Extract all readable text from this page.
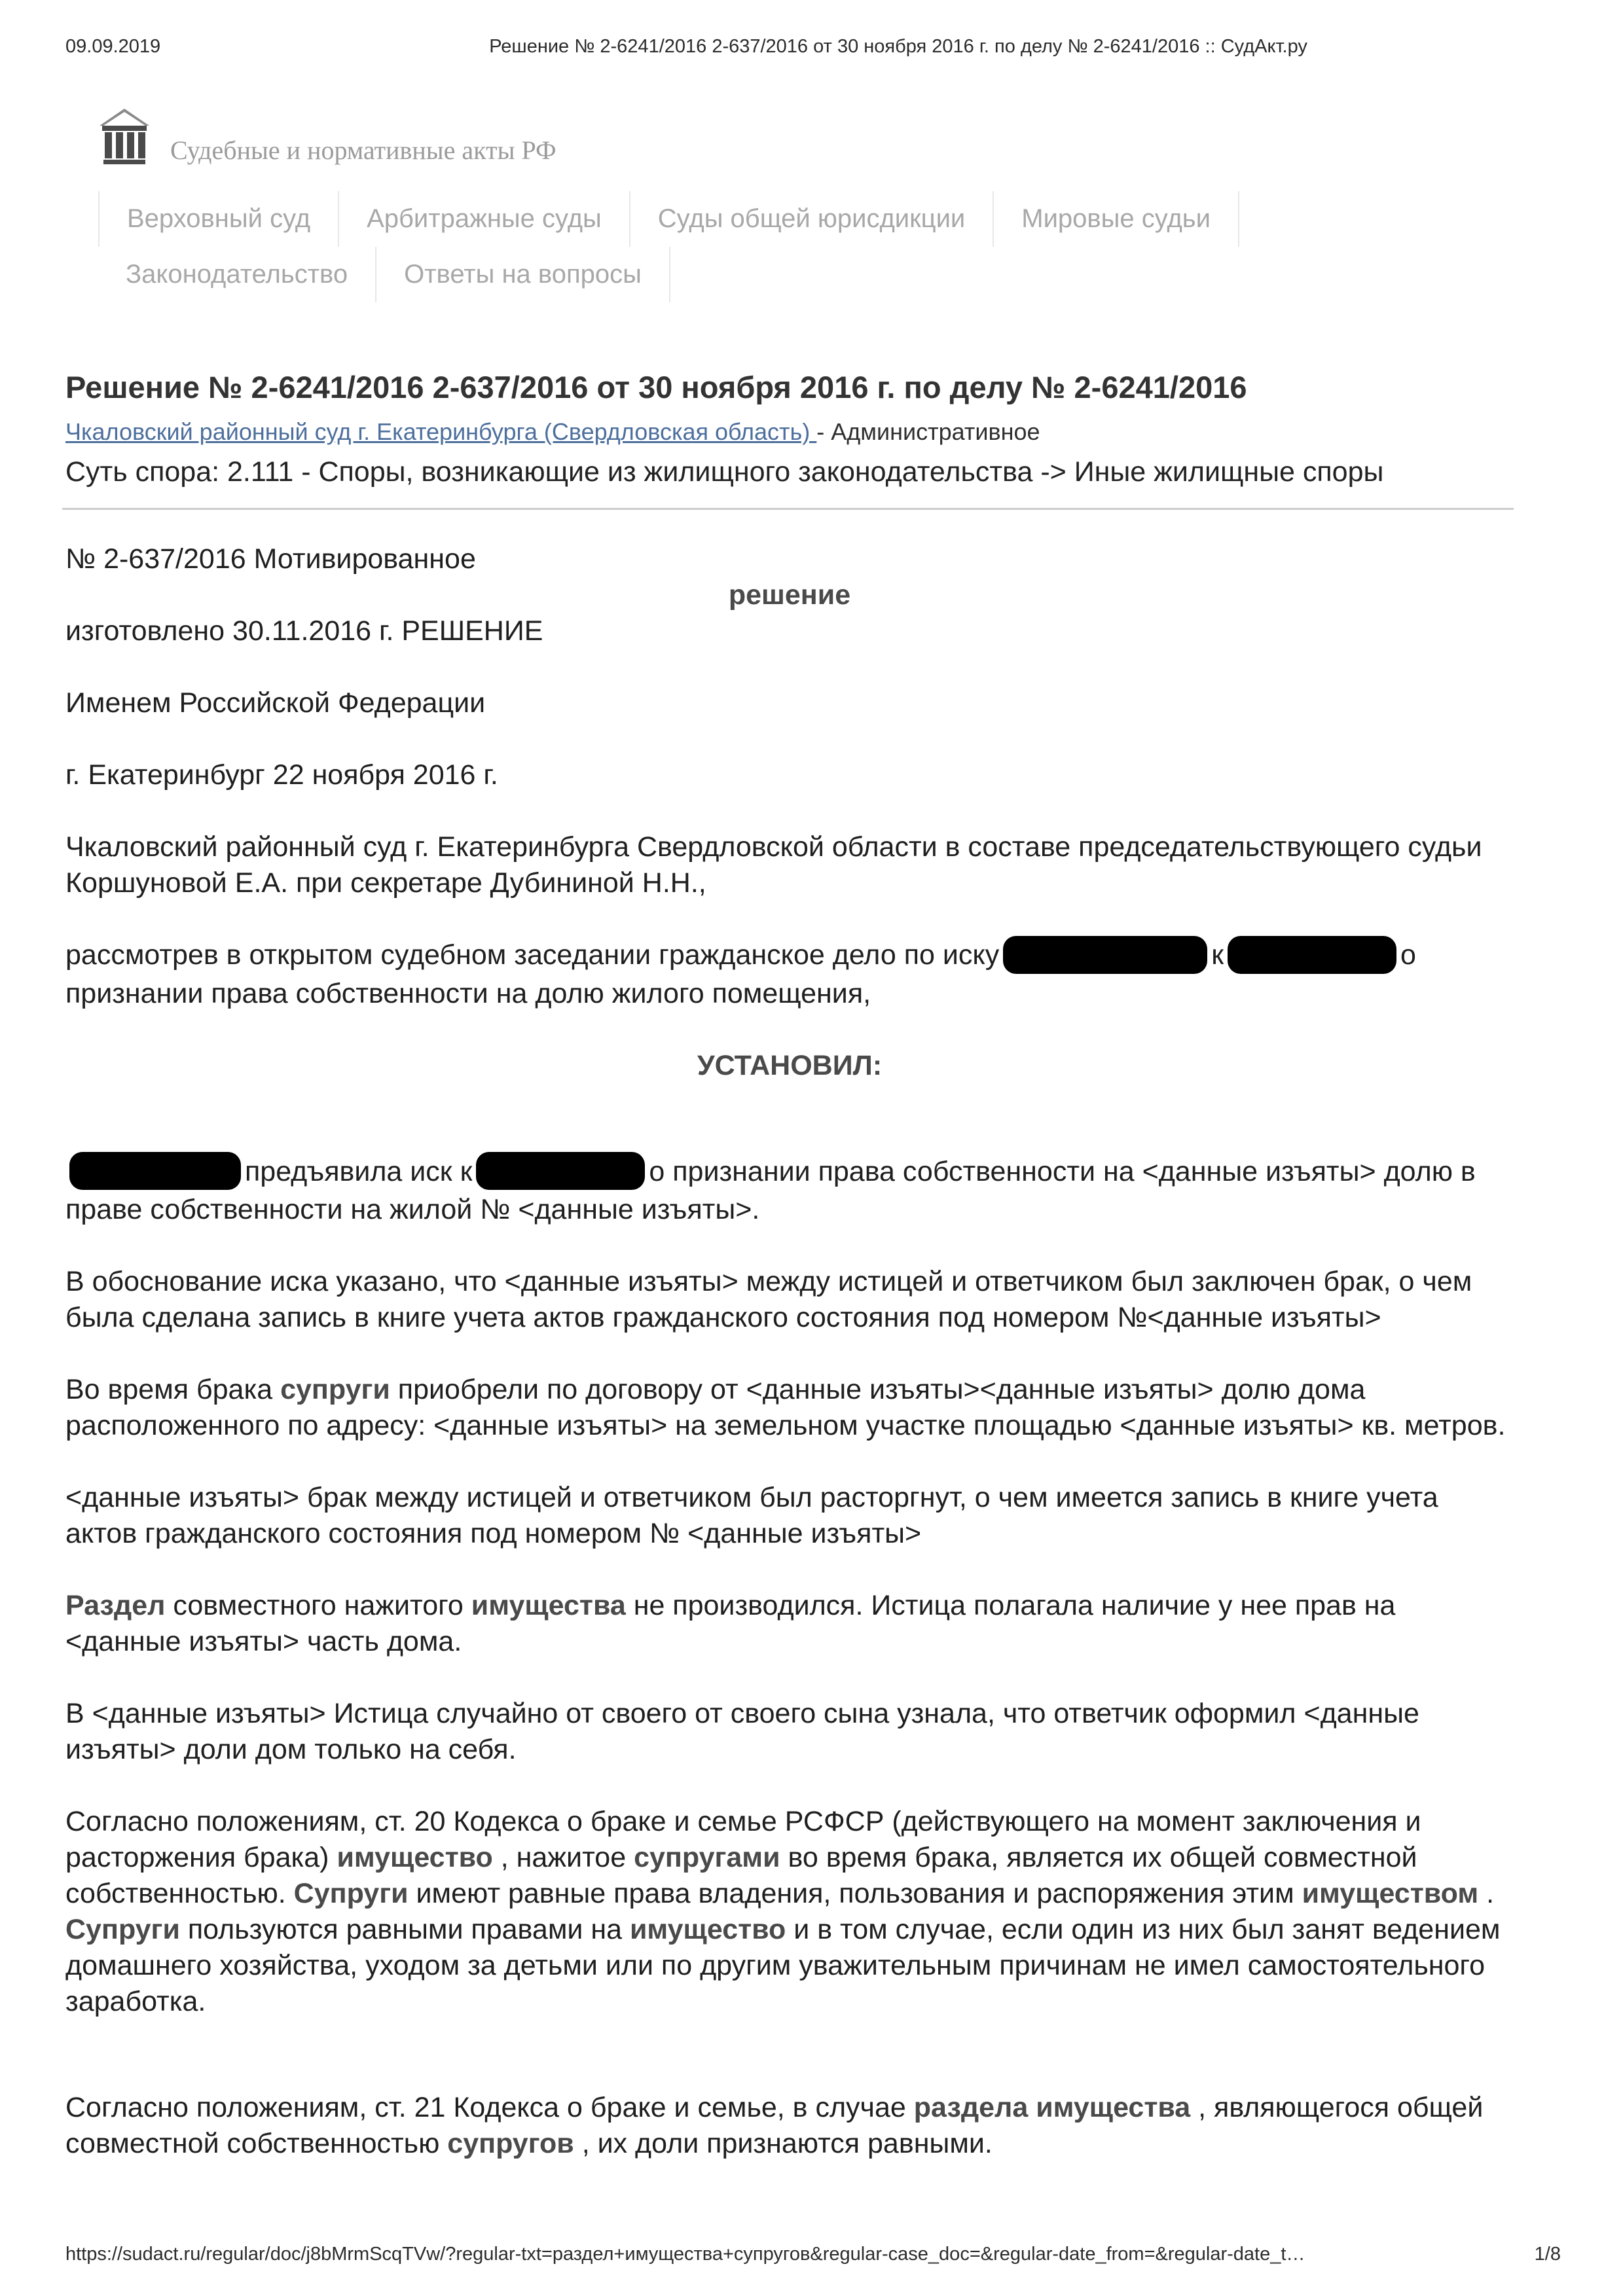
09.09.2019	Решение № 2-6241/2016 2-637/2016 от 30 ноября 2016 г. по делу № 2-6241/2016 :: СудАкт.ру
Судебные и нормативные акты РФ
Верховный суд	Арбитражные суды	Суды общей юрисдикции	Мировые судьи
Законодательство	Ответы на вопросы
Решение № 2-6241/2016 2-637/2016 от 30 ноября 2016 г. по делу № 2-6241/2016
Чкаловский районный суд г. Екатеринбурга (Свердловская область) - Административное
Суть спора: 2.111 - Споры, возникающие из жилищного законодательства -> Иные жилищные споры

№ 2-637/2016 Мотивированное

решение

изготовлено 30.11.2016 г. РЕШЕНИЕ

Именем Российской Федерации

г. Екатеринбург 22 ноября 2016 г.

Чкаловский районный суд г. Екатеринбурга Свердловской области в составе председательствующего судьи Коршуновой Е.А. при секретаре Дубининой Н.Н.,

рассмотрев в открытом судебном заседании гражданское дело по иску	к	о признании права собственности на долю жилого помещения,

УСТАНОВИЛ:

предъявила иск к	о признании права собственности на <данные изъяты> долю в праве собственности на жилой № <данные изъяты>.

В обоснование иска указано, что <данные изъяты> между истицей и ответчиком был заключен брак, о чем была сделана запись в книге учета актов гражданского состояния под номером №<данные изъяты>

Во время брака супруги приобрели по договору от <данные изъяты><данные изъяты> долю дома расположенного по адресу: <данные изъяты> на земельном участке площадью <данные изъяты> кв. метров.

<данные изъяты> брак между истицей и ответчиком был расторгнут, о чем имеется запись в книге учета актов гражданского состояния под номером № <данные изъяты>

Раздел совместного нажитого имущества не производился. Истица полагала наличие у нее прав на <данные изъяты> часть дома.

В <данные изъяты> Истица случайно от своего от своего сына узнала, что ответчик оформил <данные изъяты> доли дом только на себя.

Согласно положениям, ст. 20 Кодекса о браке и семье РСФСР (действующего на момент заключения и расторжения брака) имущество , нажитое супругами во время брака, является их общей совместной собственностью. Супруги имеют равные права владения, пользования и распоряжения этим имуществом . Супруги пользуются равными правами на имущество и в том случае, если один из них был занят ведением домашнего хозяйства, уходом за детьми или по другим уважительным причинам не имел самостоятельного заработка.

Согласно положениям, ст. 21 Кодекса о браке и семье, в случае раздела имущества , являющегося общей совместной собственностью супругов , их доли признаются равными.

https://sudact.ru/regular/doc/j8bMrmScqTVw/?regular-txt=раздел+имущества+супругов&regular-case_doc=&regular-date_from=&regular-date_t…	1/8
